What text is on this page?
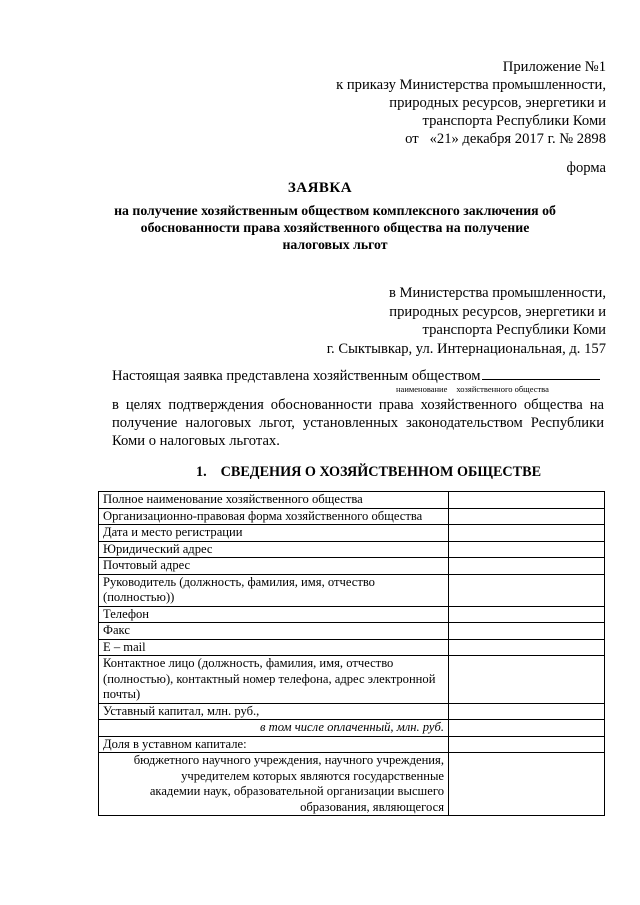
Приложение №1
к приказу Министерства промышленности,
природных ресурсов, энергетики и
транспорта Республики Коми
от   «21» декабря 2017 г. № 2898
форма
ЗАЯВКА
на получение хозяйственным обществом комплексного заключения об
обоснованности права хозяйственного общества на получение
налоговых льгот
в Министерства промышленности,
природных ресурсов, энергетики и
транспорта Республики Коми
г. Сыктывкар, ул. Интернациональная, д. 157
Настоящая заявка представлена хозяйственным обществом
наименование хозяйственного общества
в целях подтверждения обоснованности права хозяйственного общества на получение налоговых льгот, установленных законодательством Республики Коми о налоговых льготах.
1. СВЕДЕНИЯ О ХОЗЯЙСТВЕННОМ ОБЩЕСТВЕ
Полное наименование хозяйственного общества	
Организационно-правовая форма хозяйственного общества	
Дата и место регистрации	
Юридический адрес	
Почтовый адрес	
Руководитель (должность, фамилия, имя, отчество (полностью))	
Телефон	
Факс	
E – mail	
Контактное лицо (должность, фамилия, имя, отчество (полностью), контактный номер телефона, адрес электронной почты)	
Уставный капитал, млн. руб.,	
в том числе оплаченный, млн. руб.	
Доля в уставном капитале:	
бюджетного научного учреждения, научного учреждения, учредителем которых являются государственные академии наук, образовательной организации высшего образования, являющегося	
